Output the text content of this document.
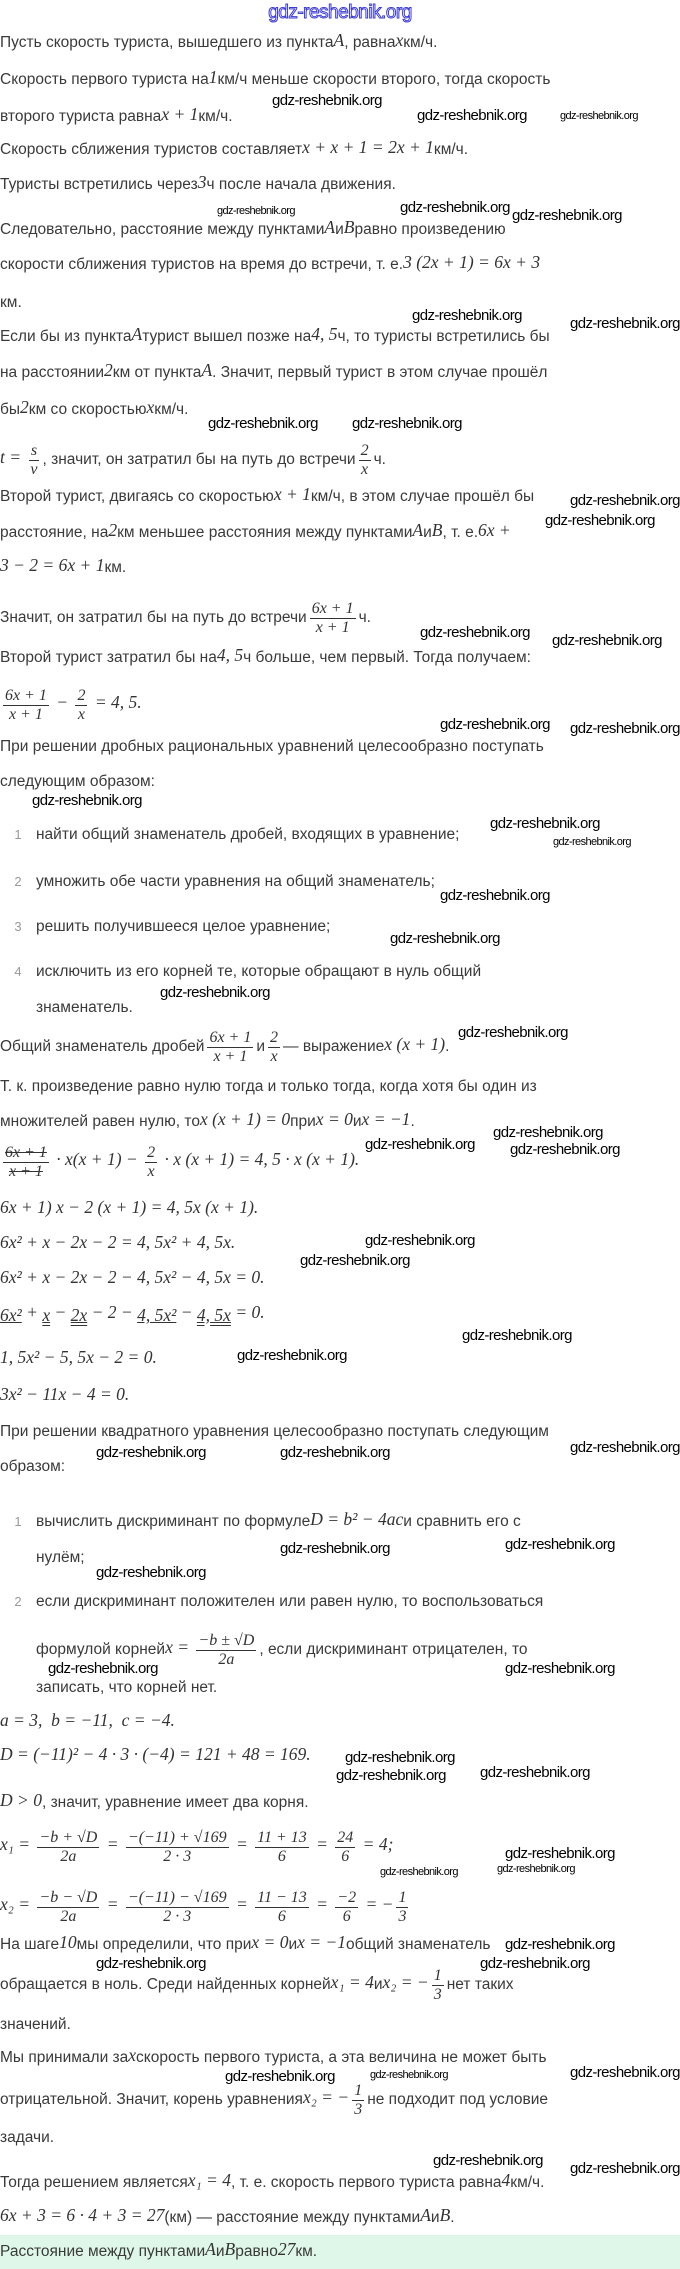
gdz-reshebnik.org
Пусть скорость туриста, вышедшего из пункта
$A , равна
$x км/ч.
Скорость первого туриста на
$1 км/ч меньше скорости второго, тогда скорость
второго туриста равна
$x + 1 км/ч.
Скорость сближения туристов составляет
$x + x + 1 = 2x + 1 км/ч.
Туристы встретились через
$3 ч после начала движения.
Следовательно, расстояние между пунктами
$A и
$B равно произведению
скорости сближения туристов на время до встречи, т. е.
$3 (2x + 1) = 6x + 3
км.
Если бы из пункта
$A турист вышел позже на
$4, 5 ч, то туристы встретились бы
на расстоянии
$2 км от пункта
$A . Значит, первый турист в этом случае прошёл
бы
$2 км со скоростью
$x км/ч.
$t = $\frac{s}{v}$ , значит, он затратил бы на путь до встречи $\frac{2}{x} ч$.
Второй турист, двигаясь со скоростью
$x + 1 км/ч, в этом случае прошёл бы
расстояние, на
$2 км меньшее расстояния между пунктами
$A и
$B , т. е.
$6x +
$3 − 2 = 6x + 1 км.
Значит, он затратил бы на путь до встречи $\frac{6x + 1}{x + 1} ч$.
Второй турист затратил бы на
$4, 5 ч больше, чем первый. Тогда получаем:
$\frac{6x + 1}{x + 1} - \frac{2}{x} = 4$, 5.
При решении дробных рациональных уравнений целесообразно поступать
следующим образом:
1 найти общий знаменатель дробей, входящих в уравнение;
2 умножить обе части уравнения на общий знаменатель;
3 решить получившееся целое уравнение;
4 исключить из его корней те, которые обращают в нуль общий
знаменатель.
Общий знаменатель дробей $\frac{6x + 1}{x + 1}$ и $\frac{2}{x}$ — выражение
$x (x + 1) .
Т. к. произведение равно нулю тогда и только тогда, когда хотя бы один из
множителей равен нулю, то
$x (x + 1) = 0 при
$x = 0 и
$x = −1 .
$\frac{6x + 1}{x + 1} \cdot x(x + 1) - \frac{2}{x} \cdot x$ (x + 1) = 4, 5 · x (x + 1).
$(6x + 1) x − 2 (x + 1) = 4, 5x (x + 1).
$6x² + x − 2x − 2 = 4, 5x² + 4, 5x.
$6x² + x − 2x − 2 − 4, 5x² − 4, 5x = 0.
6x² + x − 2x − 2 − 4, 5x² − 4, 5x = 0.
$1, 5x² − 5, 5x − 2 = 0.
$3x² − 11x − 4 = 0.
При решении квадратного уравнения целесообразно поступать следующим
образом:
1 вычислить дискриминант по формуле
$D = b² − 4ac и сравнить его с
нулём;
2 если дискриминант положителен или равен нулю, то воспользоваться
формулой корней
$x = $\frac{-b \pm √D}{2a}$ , если дискриминант отрицателен, то
записать, что корней нет.
$a = 3,  b = −11,  c = −4.
$D = (−11)² − 4 · 3 · (−4) = 121 + 48 = 169.
$D > 0 , значит, уравнение имеет два корня.
$x₁ = $\frac{-b + √D}{2a} = \frac{-(-11) + √169}{2 \cdot 3} = \frac{11 + 13}{6} = \frac{24}{6} = 4$;
$x₂ = $\frac{-b - √D}{2a} = \frac{-(-11) - √169}{2 \cdot 3} = \frac{11 - 13}{6} = \frac{-2}{6}$ = − $\frac{1}{3}$
На шаге
$10 мы определили, что при
$x = 0 и
$x = −1 общий знаменатель
обращается в ноль. Среди найденных корней
$x₁ = 4 и
$x₂ = − $\frac{1}{3}$ нет таких
значений.
Мы принимали за
$x скорость первого туриста, а эта величина не может быть
отрицательной. Значит, корень уравнения
$x₂ = − $\frac{1}{3}$ не подходит под условие
задачи.
Тогда решением является
$x₁ = 4 , т. е. скорость первого туриста равна
$4 км/ч.
$6x + 3 = 6 · 4 + 3 = 27 (км) — расстояние между пунктами
$A и
$B .
Расстояние между пунктами
$A и
$B равно
$27 км.
gdz-reshebnik.org
gdz-reshebnik.org	gdz-reshebnik.org
gdz-reshebnik.org
gdz-reshebnik.org	gdz-reshebnik.org
gdz-reshebnik.org
gdz-reshebnik.org
gdz-reshebnik.org gdz-reshebnik.org
gdz-reshebnik.org
gdz-reshebnik.org
gdz-reshebnik.org gdz-reshebnik.org
gdz-reshebnik.org
gdz-reshebnik.org
gdz-reshebnik.org
gdz-reshebnik.org
gdz-reshebnik.org
gdz-reshebnik.org
gdz-reshebnik.org
gdz-reshebnik.org
gdz-reshebnik.org
gdz-reshebnik.org
gdz-reshebnik.org gdz-reshebnik.org
gdz-reshebnik.org
gdz-reshebnik.org
gdz-reshebnik.org
gdz-reshebnik.org
gdz-reshebnik.org	gdz-reshebnik.org	gdz-reshebnik.org
gdz-reshebnik.org	gdz-reshebnik.org
gdz-reshebnik.org
gdz-reshebnik.org	gdz-reshebnik.org
gdz-reshebnik.org gdz-reshebnik.org
gdz-reshebnik.org
gdz-reshebnik.org	gdz-reshebnik.org
gdz-reshebnik.org
gdz-reshebnik.org	gdz-reshebnik.org
gdz-reshebnik.org
gdz-reshebnik.org
gdz-reshebnik.org
gdz-reshebnik.org
gdz-reshebnik.org
gdz-reshebnik.org
